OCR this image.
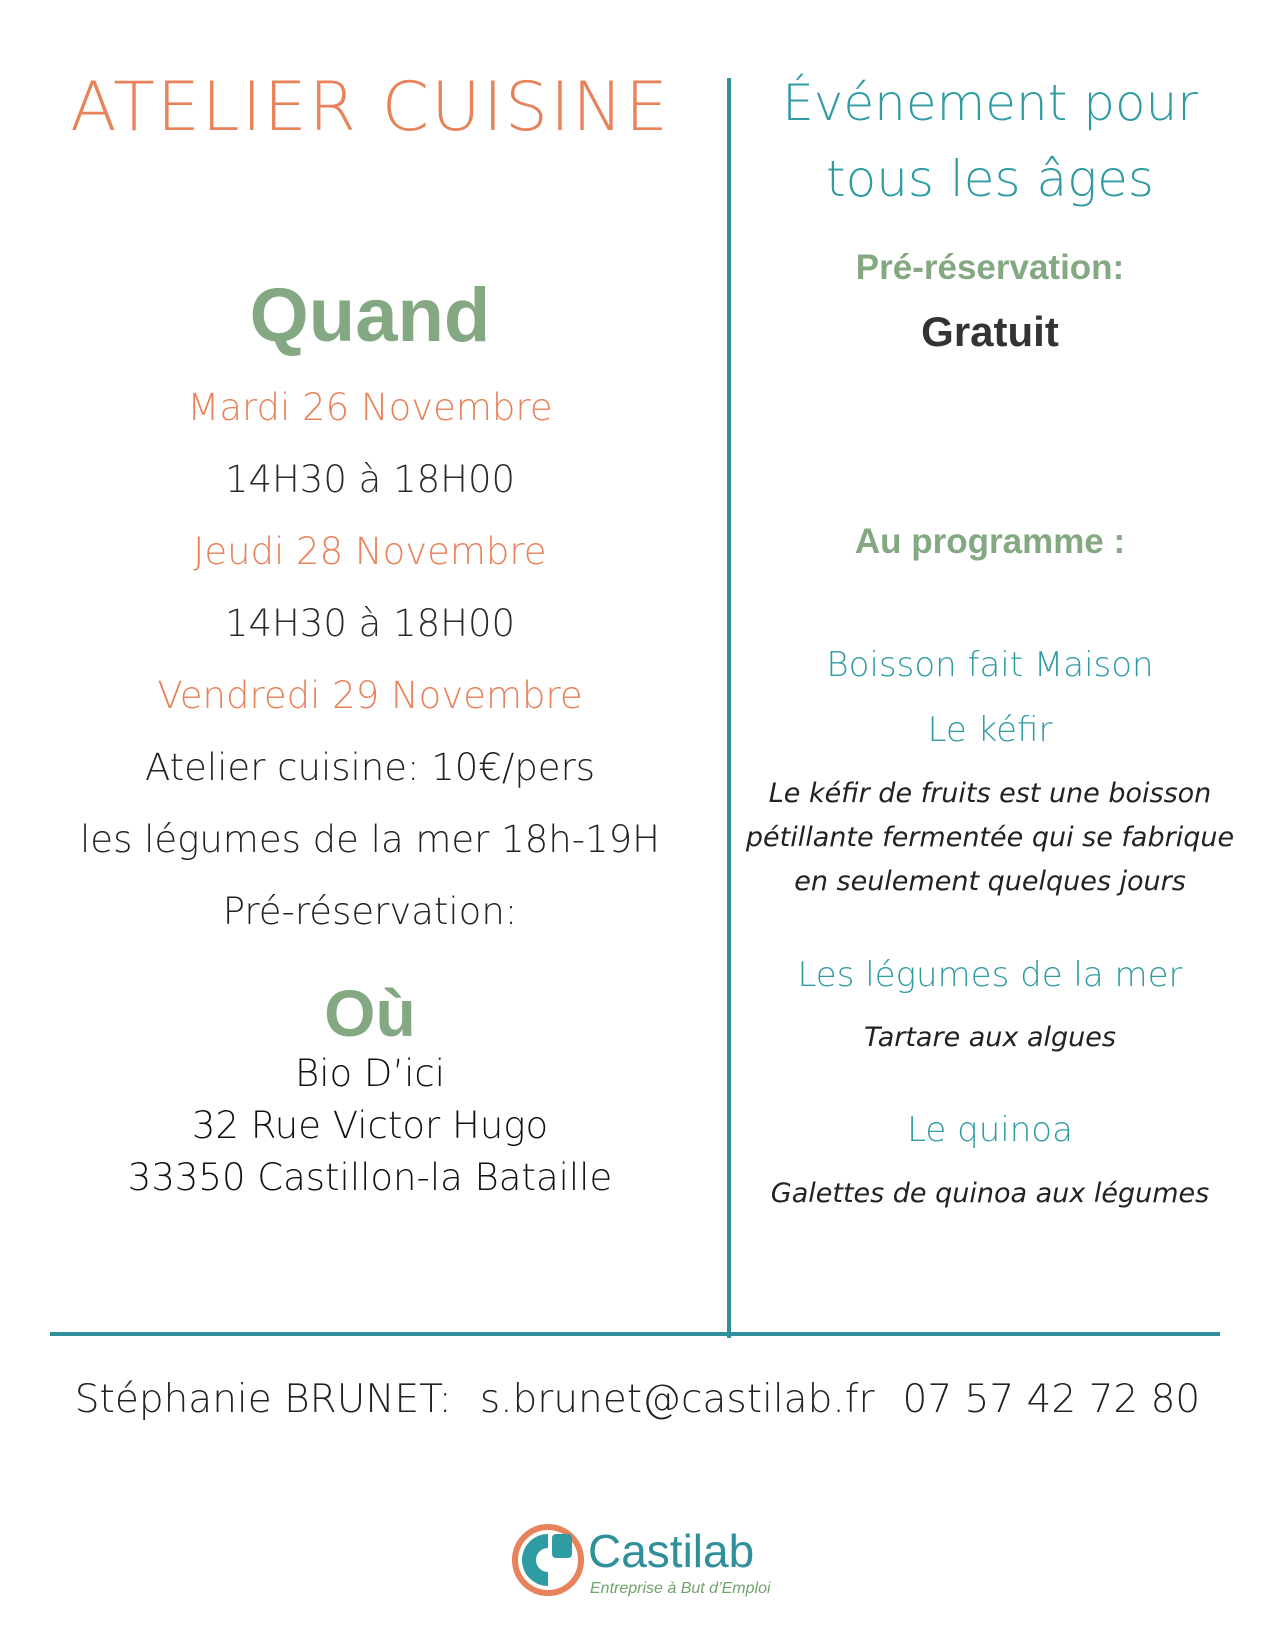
ATELIER CUISINE
Quand
Mardi 26 Novembre
14H30 à 18H00
Jeudi 28 Novembre
14H30 à 18H00
Vendredi 29 Novembre
Atelier cuisine: 10€/pers
les légumes de la mer 18h-19H
Pré-réservation:
Où
Bio D’ici
32 Rue Victor Hugo
33350 Castillon-la Bataille
Événement pour
tous les âges
Pré-réservation:
Gratuit
Au programme :
Boisson fait Maison
Le kéfir
Le kéfir de fruits est une boisson
pétillante fermentée qui se fabrique
en seulement quelques jours
Les légumes de la mer
Tartare aux algues
Le quinoa
Galettes de quinoa aux légumes
Stéphanie BRUNET: s.brunet@castilab.fr 07 57 42 72 80
Castilab
Entreprise à But d’Emploi
